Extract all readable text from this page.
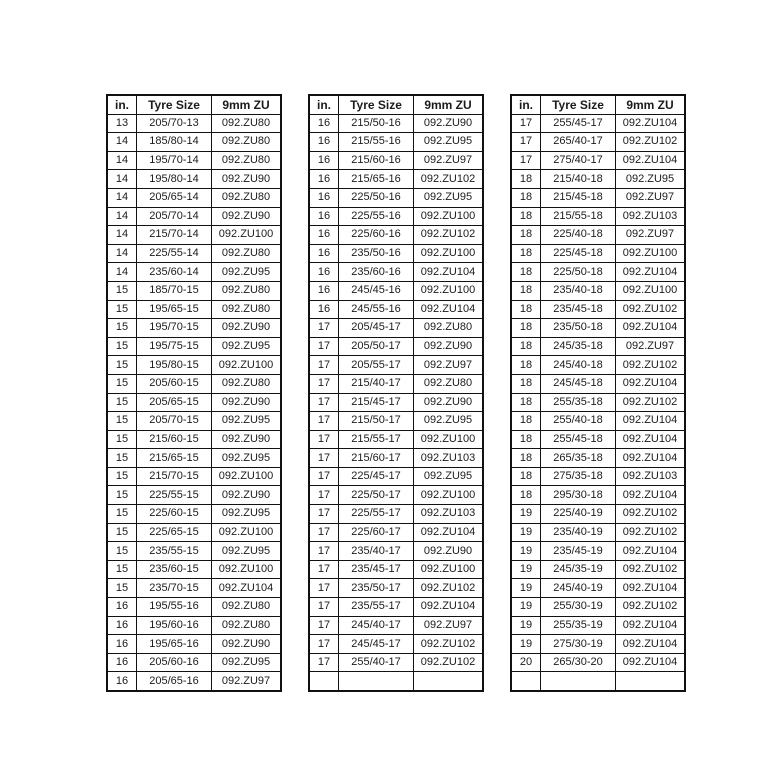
in.	Tyre Size	9mm ZU
13	205/70-13	092.ZU80
14	185/80-14	092.ZU80
14	195/70-14	092.ZU80
14	195/80-14	092.ZU90
14	205/65-14	092.ZU80
14	205/70-14	092.ZU90
14	215/70-14	092.ZU100
14	225/55-14	092.ZU80
14	235/60-14	092.ZU95
15	185/70-15	092.ZU80
15	195/65-15	092.ZU80
15	195/70-15	092.ZU90
15	195/75-15	092.ZU95
15	195/80-15	092.ZU100
15	205/60-15	092.ZU80
15	205/65-15	092.ZU90
15	205/70-15	092.ZU95
15	215/60-15	092.ZU90
15	215/65-15	092.ZU95
15	215/70-15	092.ZU100
15	225/55-15	092.ZU90
15	225/60-15	092.ZU95
15	225/65-15	092.ZU100
15	235/55-15	092.ZU95
15	235/60-15	092.ZU100
15	235/70-15	092.ZU104
16	195/55-16	092.ZU80
16	195/60-16	092.ZU80
16	195/65-16	092.ZU90
16	205/60-16	092.ZU95
16	205/65-16	092.ZU97
in.	Tyre Size	9mm ZU
16	215/50-16	092.ZU90
16	215/55-16	092.ZU95
16	215/60-16	092.ZU97
16	215/65-16	092.ZU102
16	225/50-16	092.ZU95
16	225/55-16	092.ZU100
16	225/60-16	092.ZU102
16	235/50-16	092.ZU100
16	235/60-16	092.ZU104
16	245/45-16	092.ZU100
16	245/55-16	092.ZU104
17	205/45-17	092.ZU80
17	205/50-17	092.ZU90
17	205/55-17	092.ZU97
17	215/40-17	092.ZU80
17	215/45-17	092.ZU90
17	215/50-17	092.ZU95
17	215/55-17	092.ZU100
17	215/60-17	092.ZU103
17	225/45-17	092.ZU95
17	225/50-17	092.ZU100
17	225/55-17	092.ZU103
17	225/60-17	092.ZU104
17	235/40-17	092.ZU90
17	235/45-17	092.ZU100
17	235/50-17	092.ZU102
17	235/55-17	092.ZU104
17	245/40-17	092.ZU97
17	245/45-17	092.ZU102
17	255/40-17	092.ZU102

in.	Tyre Size	9mm ZU
17	255/45-17	092.ZU104
17	265/40-17	092.ZU102
17	275/40-17	092.ZU104
18	215/40-18	092.ZU95
18	215/45-18	092.ZU97
18	215/55-18	092.ZU103
18	225/40-18	092.ZU97
18	225/45-18	092.ZU100
18	225/50-18	092.ZU104
18	235/40-18	092.ZU100
18	235/45-18	092.ZU102
18	235/50-18	092.ZU104
18	245/35-18	092.ZU97
18	245/40-18	092.ZU102
18	245/45-18	092.ZU104
18	255/35-18	092.ZU102
18	255/40-18	092.ZU104
18	255/45-18	092.ZU104
18	265/35-18	092.ZU104
18	275/35-18	092.ZU103
18	295/30-18	092.ZU104
19	225/40-19	092.ZU102
19	235/40-19	092.ZU102
19	235/45-19	092.ZU104
19	245/35-19	092.ZU102
19	245/40-19	092.ZU104
19	255/30-19	092.ZU102
19	255/35-19	092.ZU104
19	275/30-19	092.ZU104
20	265/30-20	092.ZU104
